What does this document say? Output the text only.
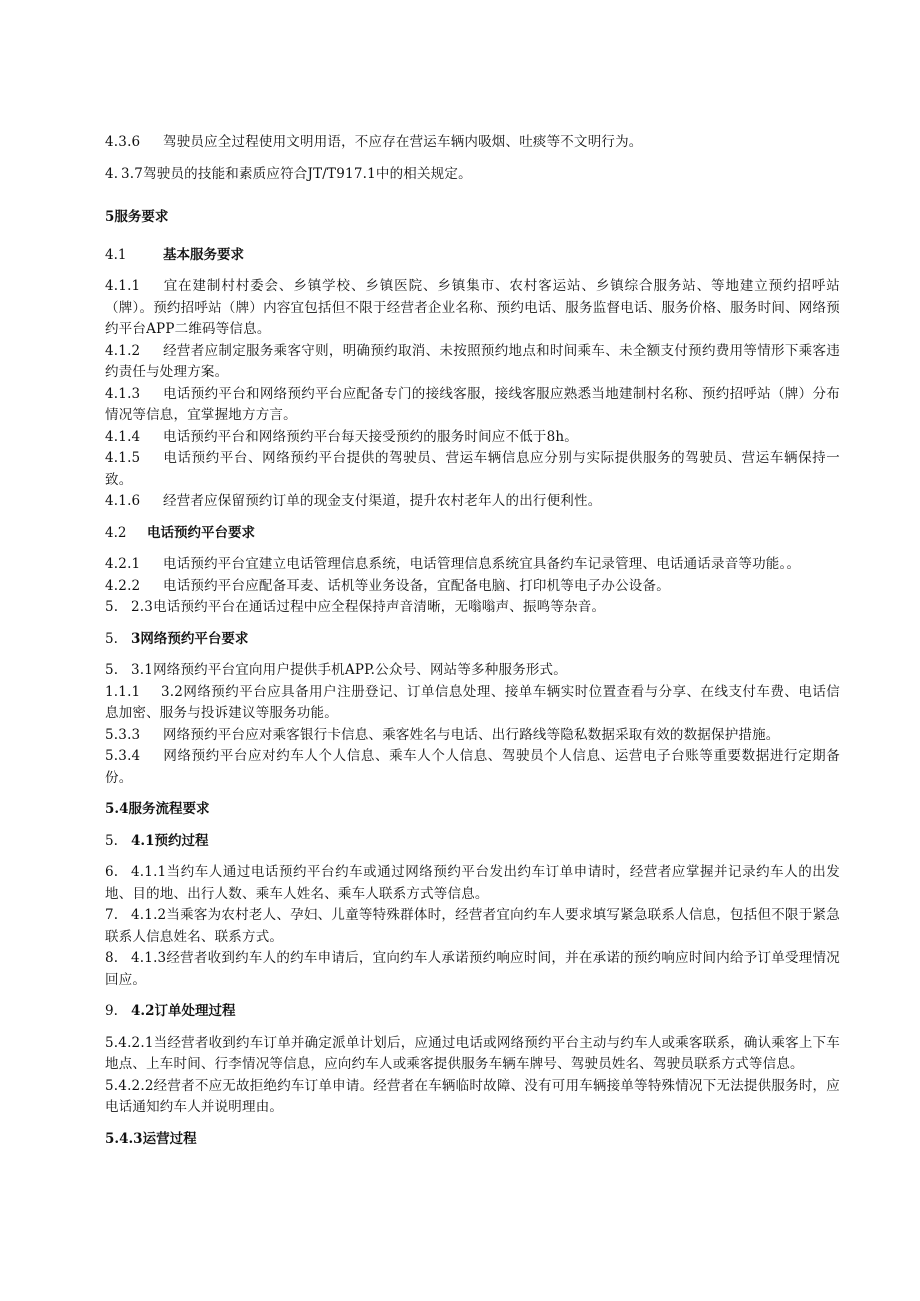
4.3.6 驾驶员应全过程使用文明用语，不应存在营运车辆内吸烟、吐痰等不文明行为。

4. 3.7驾驶员的技能和素质应符合JT/T917.1中的相关规定。

5服务要求

4.1	基本服务要求

4.1.1 宜在建制村村委会、乡镇学校、乡镇医院、乡镇集市、农村客运站、乡镇综合服务站、等地建立预约招呼站（牌）。预约招呼站（牌）内容宜包括但不限于经营者企业名称、预约电话、服务监督电话、服务价格、服务时间、网络预约平台APP二维码等信息。

4.1.2 经营者应制定服务乘客守则，明确预约取消、未按照预约地点和时间乘车、未全额支付预约费用等情形下乘客违约责任与处理方案。

4.1.3 电话预约平台和网络预约平台应配备专门的接线客服，接线客服应熟悉当地建制村名称、预约招呼站（牌）分布情况等信息，宜掌握地方方言。

4.1.4 电话预约平台和网络预约平台每天接受预约的服务时间应不低于8h。

4.1.5 电话预约平台、网络预约平台提供的驾驶员、营运车辆信息应分别与实际提供服务的驾驶员、营运车辆保持一致。

4.1.6 经营者应保留预约订单的现金支付渠道，提升农村老年人的出行便利性。

4.2 电话预约平台要求

4.2.1 电话预约平台宜建立电话管理信息系统，电话管理信息系统宜具备约车记录管理、电话通话录音等功能。。

4.2.2 电话预约平台应配备耳麦、话机等业务设备，宜配备电脑、打印机等电子办公设备。

5. 2.3电话预约平台在通话过程中应全程保持声音清晰，无嗡嗡声、振鸣等杂音。

5. 3网络预约平台要求

5. 3.1网络预约平台宜向用户提供手机APP.公众号、网站等多种服务形式。

1.1.1 3.2网络预约平台应具备用户注册登记、订单信息处理、接单车辆实时位置查看与分享、在线支付车费、电话信息加密、服务与投诉建议等服务功能。

5.3.3 网络预约平台应对乘客银行卡信息、乘客姓名与电话、出行路线等隐私数据采取有效的数据保护措施。

5.3.4 网络预约平台应对约车人个人信息、乘车人个人信息、驾驶员个人信息、运营电子台账等重要数据进行定期备份。

5.4服务流程要求

5. 4.1预约过程

6. 4.1.1当约车人通过电话预约平台约车或通过网络预约平台发出约车订单申请时，经营者应掌握并记录约车人的出发地、目的地、出行人数、乘车人姓名、乘车人联系方式等信息。

7. 4.1.2当乘客为农村老人、孕妇、儿童等特殊群体时，经营者宜向约车人要求填写紧急联系人信息，包括但不限于紧急联系人信息姓名、联系方式。

8. 4.1.3经营者收到约车人的约车申请后，宜向约车人承诺预约响应时间，并在承诺的预约响应时间内给予订单受理情况回应。

9. 4.2订单处理过程

5.4.2.1当经营者收到约车订单并确定派单计划后，应通过电话或网络预约平台主动与约车人或乘客联系，确认乘客上下车地点、上车时间、行李情况等信息，应向约车人或乘客提供服务车辆车牌号、驾驶员姓名、驾驶员联系方式等信息。

5.4.2.2经营者不应无故拒绝约车订单申请。经营者在车辆临时故障、没有可用车辆接单等特殊情况下无法提供服务时，应电话通知约车人并说明理由。

5.4.3运营过程
